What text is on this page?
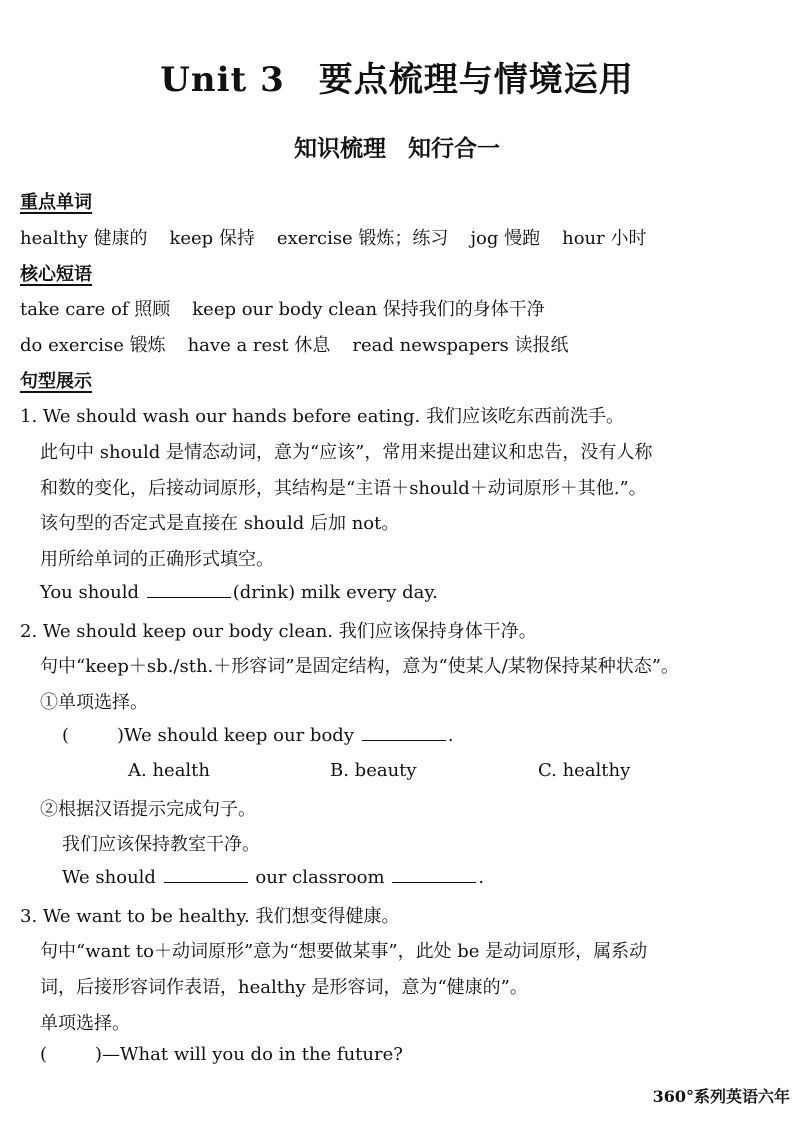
Unit 3 要点梳理与情境运用
知识梳理 知行合一
重点单词
healthy 健康的 keep 保持 exercise 锻炼；练习 jog 慢跑 hour 小时
核心短语
take care of 照顾 keep our body clean 保持我们的身体干净
do exercise 锻炼 have a rest 休息 read newspapers 读报纸
句型展示
1. We should wash our hands before eating. 我们应该吃东西前洗手。
此句中 should 是情态动词，意为“应该”，常用来提出建议和忠告，没有人称
和数的变化，后接动词原形，其结构是“主语＋should＋动词原形＋其他.”。
该句型的否定式是直接在 should 后加 not。
用所给单词的正确形式填空。
You should	(drink) milk every day.
2. We should keep our body clean. 我们应该保持身体干净。
句中“keep＋sb./sth.＋形容词”是固定结构，意为“使某人/某物保持某种状态”。
①单项选择。
(	)We should keep our body	.
A. health	B. beauty	C. healthy
②根据汉语提示完成句子。
我们应该保持教室干净。
We should	our classroom	.
3. We want to be healthy. 我们想变得健康。
句中“want to＋动词原形”意为“想要做某事”，此处 be 是动词原形，属系动
词，后接形容词作表语，healthy 是形容词，意为“健康的”。
单项选择。
(	)—What will you do in the future?
360°系列英语六年
